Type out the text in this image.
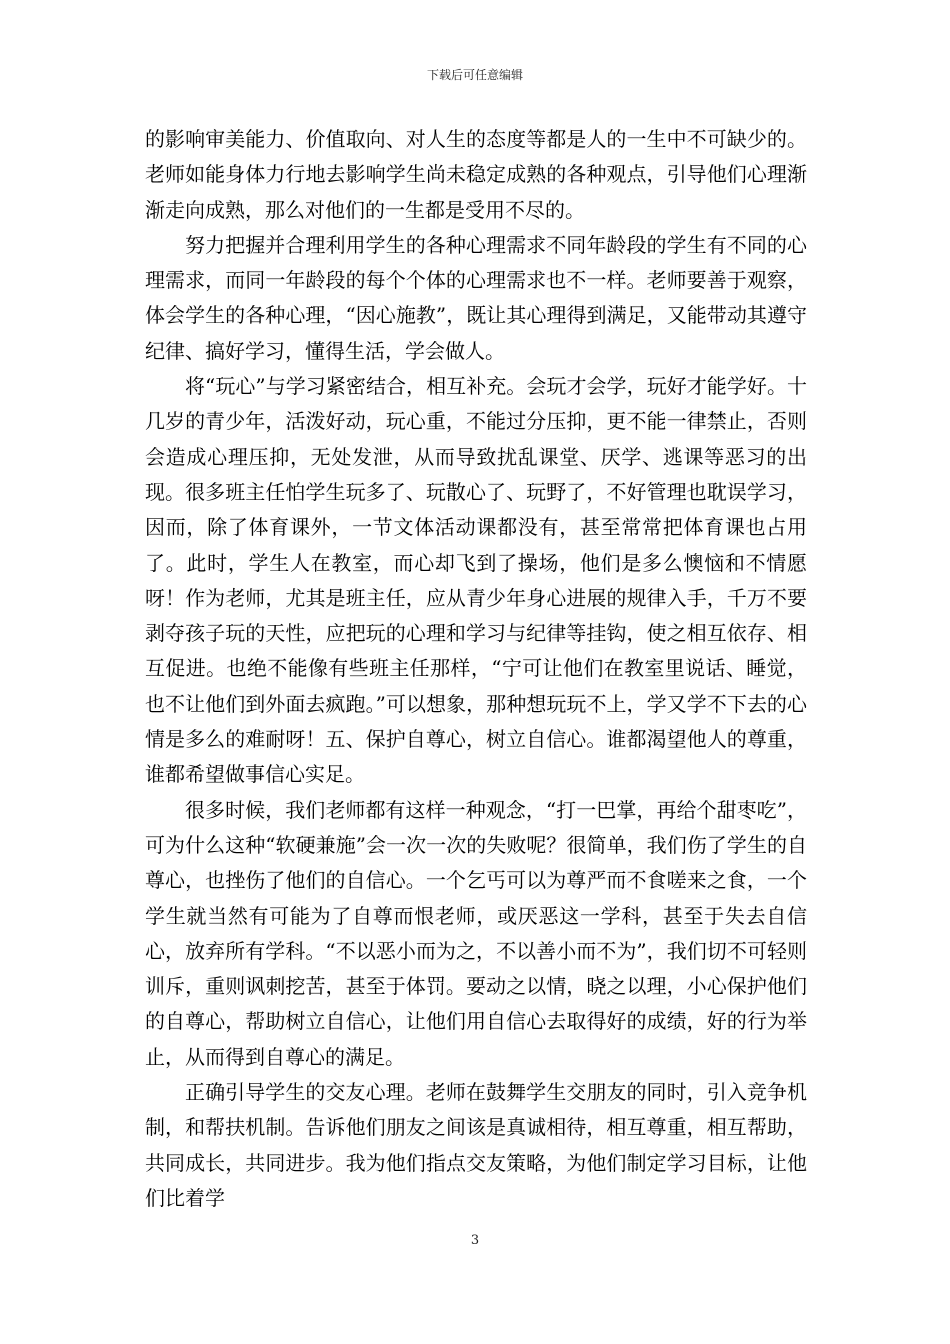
下载后可任意编辑

的影响审美能力、价值取向、对人生的态度等都是人的一生中不可缺少的。老师如能身体力行地去影响学生尚未稳定成熟的各种观点，引导他们心理渐渐走向成熟，那么对他们的一生都是受用不尽的。

努力把握并合理利用学生的各种心理需求不同年龄段的学生有不同的心理需求，而同一年龄段的每个个体的心理需求也不一样。老师要善于观察，体会学生的各种心理，“因心施教”，既让其心理得到满足，又能带动其遵守纪律、搞好学习，懂得生活，学会做人。

将“玩心”与学习紧密结合，相互补充。会玩才会学，玩好才能学好。十几岁的青少年，活泼好动，玩心重，不能过分压抑，更不能一律禁止，否则会造成心理压抑，无处发泄，从而导致扰乱课堂、厌学、逃课等恶习的出现。很多班主任怕学生玩多了、玩散心了、玩野了，不好管理也耽误学习，因而，除了体育课外，一节文体活动课都没有，甚至常常把体育课也占用了。此时，学生人在教室，而心却飞到了操场，他们是多么懊恼和不情愿呀！作为老师，尤其是班主任，应从青少年身心进展的规律入手，千万不要剥夺孩子玩的天性，应把玩的心理和学习与纪律等挂钩，使之相互依存、相互促进。也绝不能像有些班主任那样，“宁可让他们在教室里说话、睡觉，也不让他们到外面去疯跑。”可以想象，那种想玩玩不上，学又学不下去的心情是多么的难耐呀！五、保护自尊心，树立自信心。谁都渴望他人的尊重，谁都希望做事信心实足。

很多时候，我们老师都有这样一种观念，“打一巴掌，再给个甜枣吃”，可为什么这种“软硬兼施”会一次一次的失败呢？很简单，我们伤了学生的自尊心，也挫伤了他们的自信心。一个乞丐可以为尊严而不食嗟来之食，一个学生就当然有可能为了自尊而恨老师，或厌恶这一学科，甚至于失去自信心，放弃所有学科。“不以恶小而为之，不以善小而不为”，我们切不可轻则训斥，重则讽刺挖苦，甚至于体罚。要动之以情，晓之以理，小心保护他们的自尊心，帮助树立自信心，让他们用自信心去取得好的成绩，好的行为举止，从而得到自尊心的满足。

正确引导学生的交友心理。老师在鼓舞学生交朋友的同时，引入竞争机制，和帮扶机制。告诉他们朋友之间该是真诚相待，相互尊重，相互帮助，共同成长，共同进步。我为他们指点交友策略，为他们制定学习目标，让他们比着学

3
